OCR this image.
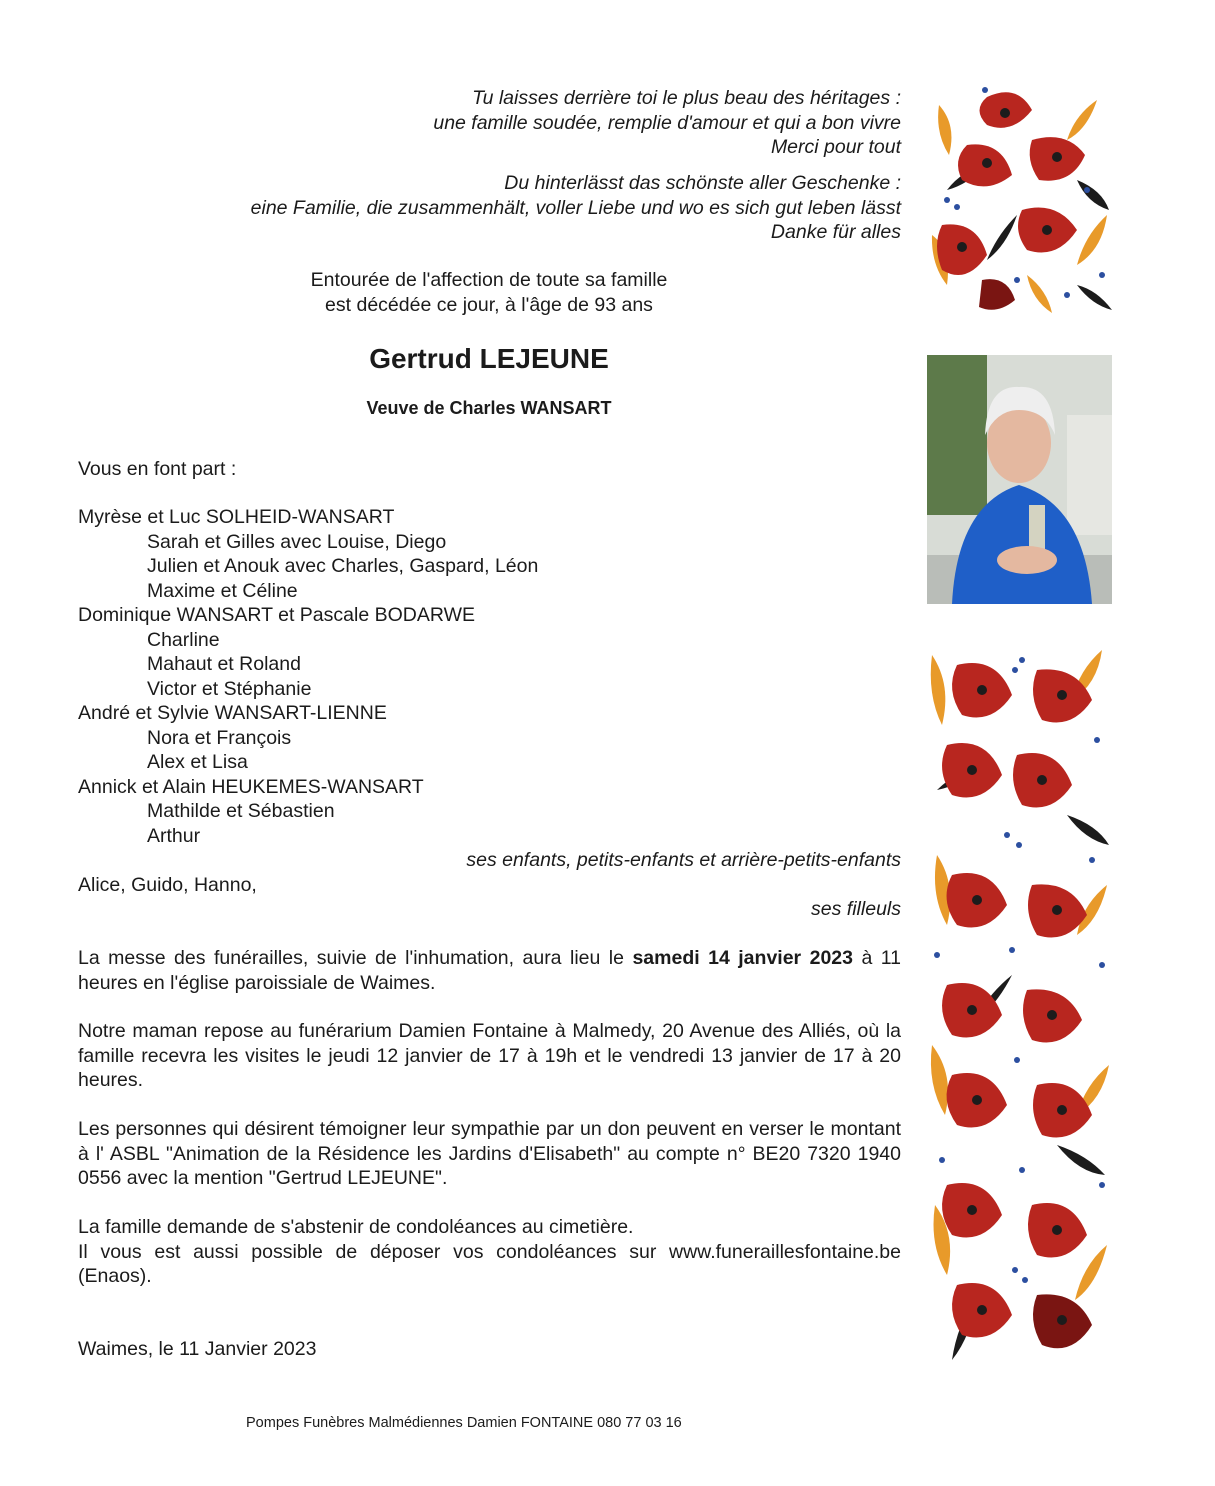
Tu laisses derrière toi le plus beau des héritages :
une famille soudée, remplie d'amour et qui a bon vivre
Merci pour tout
Du hinterlässt das schönste aller Geschenke :
eine Familie, die zusammenhält, voller Liebe und wo es sich gut leben lässt
Danke für alles
Entourée de l'affection de toute sa famille
est décédée ce jour, à l'âge de 93 ans
Gertrud LEJEUNE
Veuve de Charles WANSART
Vous en font part :
Myrèse et Luc SOLHEID-WANSART
Sarah et Gilles avec Louise, Diego
Julien et Anouk avec Charles, Gaspard, Léon
Maxime et Céline
Dominique WANSART et Pascale BODARWE
Charline
Mahaut et Roland
Victor et Stéphanie
André et Sylvie WANSART-LIENNE
Nora et François
Alex et Lisa
Annick et Alain HEUKEMES-WANSART
Mathilde et Sébastien
Arthur
ses enfants, petits-enfants et arrière-petits-enfants
Alice, Guido, Hanno,
ses filleuls
La messe des funérailles, suivie de l'inhumation, aura lieu le samedi 14 janvier 2023 à 11 heures en l'église paroissiale de Waimes.
Notre maman repose au funérarium Damien Fontaine à Malmedy, 20 Avenue des Alliés, où la famille recevra les visites le jeudi 12 janvier de 17 à 19h et le vendredi 13 janvier de 17 à 20 heures.
Les personnes qui désirent témoigner leur sympathie par un don peuvent en verser le montant à l' ASBL "Animation de la Résidence les Jardins d'Elisabeth" au compte n° BE20 7320 1940 0556 avec la mention "Gertrud LEJEUNE".
La famille demande de s'abstenir de condoléances au cimetière.
Il vous est aussi possible de déposer vos condoléances sur www.funeraillesfontaine.be (Enaos).
Waimes, le 11 Janvier 2023
Pompes Funèbres Malmédiennes Damien FONTAINE 080 77 03 16
